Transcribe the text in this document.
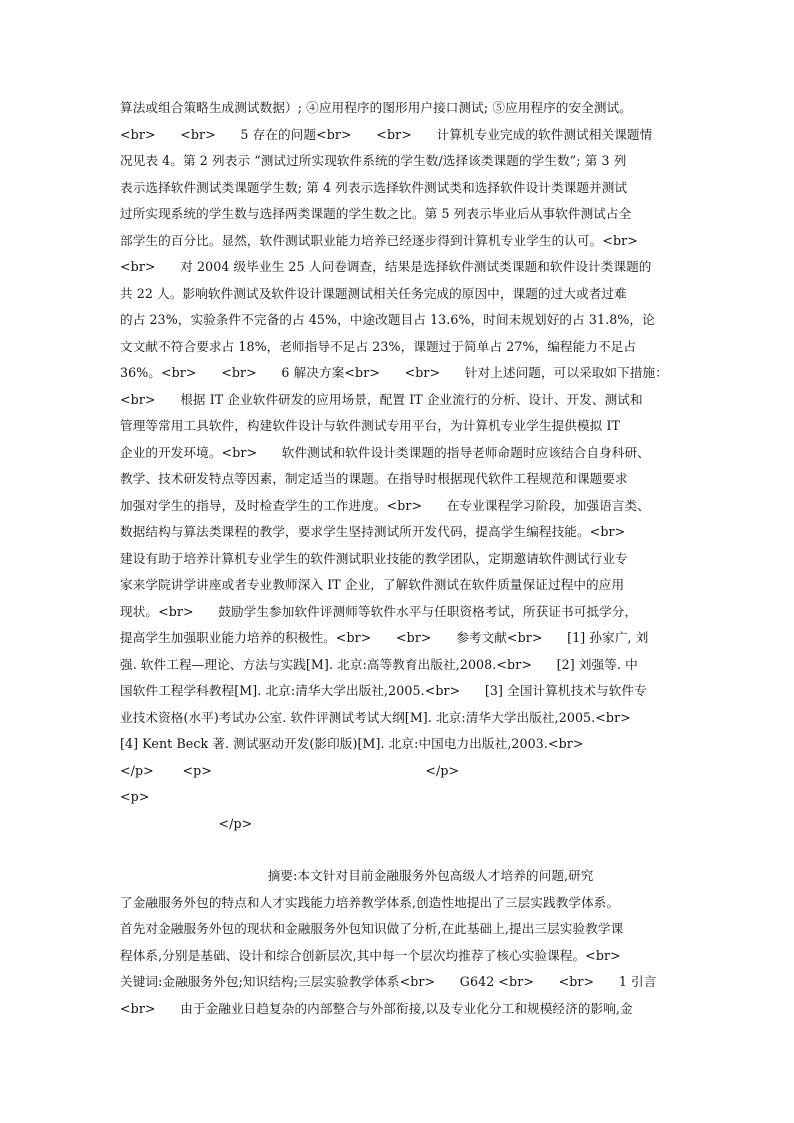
算法或组合策略生成测试数据）; ④应用程序的图形用户接口测试; ⑤应用程序的安全测试。
<br>      <br>      5 存在的问题<br>      <br>      计算机专业完成的软件测试相关课题情
况见表 4。第 2 列表示 “测试过所实现软件系统的学生数/选择该类课题的学生数”; 第 3 列
表示选择软件测试类课题学生数; 第 4 列表示选择软件测试类和选择软件设计类课题并测试
过所实现系统的学生数与选择两类课题的学生数之比。第 5 列表示毕业后从事软件测试占全
部学生的百分比。显然，软件测试职业能力培养已经逐步得到计算机专业学生的认可。<br>
<br>      对 2004 级毕业生 25 人问卷调查，结果是选择软件测试类课题和软件设计类课题的
共 22 人。影响软件测试及软件设计课题测试相关任务完成的原因中，课题的过大或者过难
的占 23%，实验条件不完备的占 45%，中途改题目占 13.6%，时间未规划好的占 31.8%，论
文文献不符合要求占 18%，老师指导不足占 23%，课题过于简单占 27%，编程能力不足占
36%。<br>      <br>      6 解决方案<br>      <br>      针对上述问题，可以采取如下措施：
<br>      根据 IT 企业软件研发的应用场景，配置 IT 企业流行的分析、设计、开发、测试和
管理等常用工具软件，构建软件设计与软件测试专用平台，为计算机专业学生提供模拟 IT
企业的开发环境。<br>      软件测试和软件设计类课题的指导老师命题时应该结合自身科研、
教学、技术研发特点等因素，制定适当的课题。在指导时根据现代软件工程规范和课题要求
加强对学生的指导，及时检查学生的工作进度。<br>      在专业课程学习阶段，加强语言类、
数据结构与算法类课程的教学，要求学生坚持测试所开发代码，提高学生编程技能。<br>
建设有助于培养计算机专业学生的软件测试职业技能的教学团队，定期邀请软件测试行业专
家来学院讲学讲座或者专业教师深入 IT 企业，了解软件测试在软件质量保证过程中的应用
现状。<br>      鼓励学生参加软件评测师等软件水平与任职资格考试，所获证书可抵学分，
提高学生加强职业能力培养的积极性。<br>      <br>      参考文献<br>      [1] 孙家广, 刘
强. 软件工程—理论、方法与实践[M]. 北京:高等教育出版社,2008.<br>      [2] 刘强等. 中
国软件工程学科教程[M]. 北京:清华大学出版社,2005.<br>      [3] 全国计算机技术与软件专
业技术资格(水平)考试办公室. 软件评测试考试大纲[M]. 北京:清华大学出版社,2005.<br>
[4] Kent Beck 著. 测试驱动开发(影印版)[M]. 北京:中国电力出版社,2003.<br>
</p>       <p>                                                    </p>
<p>
</p>
摘要:本文针对目前金融服务外包高级人才培养的问题,研究
了金融服务外包的特点和人才实践能力培养教学体系,创造性地提出了三层实践教学体系。
首先对金融服务外包的现状和金融服务外包知识做了分析,在此基础上,提出三层实验教学课
程体系,分别是基础、设计和综合创新层次,其中每一个层次均推荐了核心实验课程。<br>
关键词:金融服务外包;知识结构;三层实验教学体系<br>      G642 <br>      <br>      1 引言
<br>      由于金融业日趋复杂的内部整合与外部衔接,以及专业化分工和规模经济的影响,金
